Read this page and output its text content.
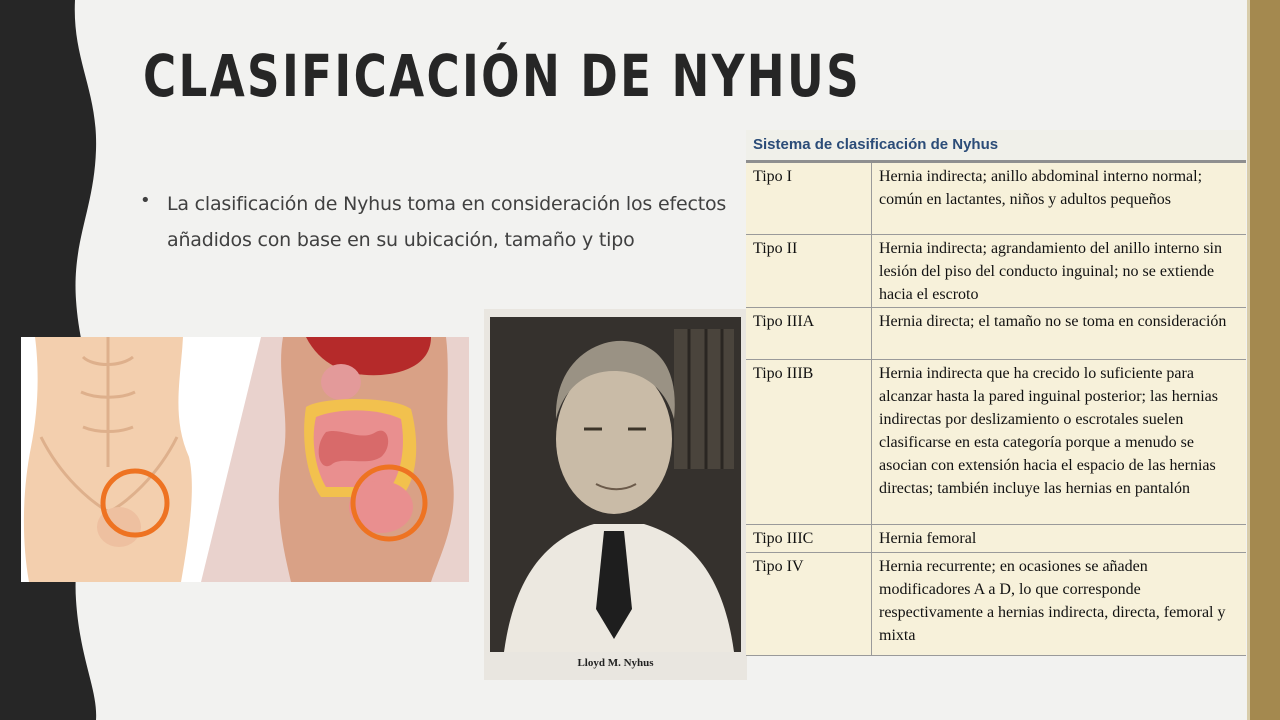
CLASIFICACIÓN DE NYHUS
• La clasificación de Nyhus toma en consideración los efectos añadidos con base en su ubicación, tamaño y tipo

Lloyd M. Nyhus
Sistema de clasificación de Nyhus
Tipo I	Hernia indirecta; anillo abdominal interno normal; común en lactantes, niños y adultos pequeños
Tipo II	Hernia indirecta; agrandamiento del anillo interno sin lesión del piso del conducto inguinal; no se extiende hacia el escroto
Tipo IIIA	Hernia directa; el tamaño no se toma en consideración
Tipo IIIB	Hernia indirecta que ha crecido lo suficiente para alcanzar hasta la pared inguinal posterior; las hernias indirectas por deslizamiento o escrotales suelen clasificarse en esta categoría porque a menudo se asocian con extensión hacia el espacio de las hernias directas; también incluye las hernias en pantalón
Tipo IIIC	Hernia femoral
Tipo IV	Hernia recurrente; en ocasiones se añaden modificadores A a D, lo que corresponde respectivamente a hernias indirecta, directa, femoral y mixta
